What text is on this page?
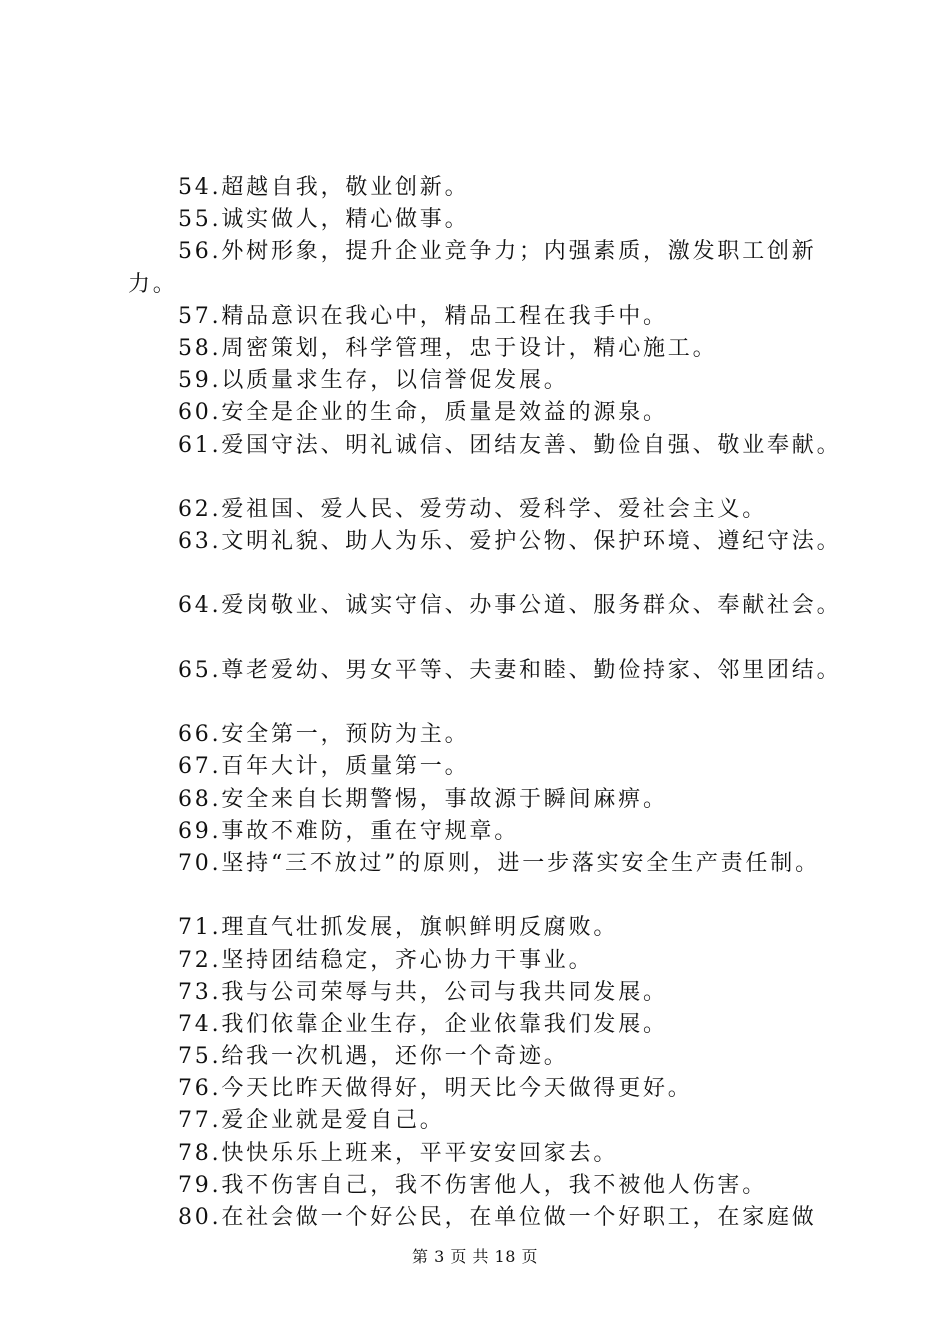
54.超越自我，敬业创新。
55.诚实做人，精心做事。
56.外树形象，提升企业竞争力；内强素质，激发职工创新
力。
57.精品意识在我心中，精品工程在我手中。
58.周密策划，科学管理，忠于设计，精心施工。
59.以质量求生存，以信誉促发展。
60.安全是企业的生命，质量是效益的源泉。
61.爱国守法、明礼诚信、团结友善、勤俭自强、敬业奉献。
62.爱祖国、爱人民、爱劳动、爱科学、爱社会主义。
63.文明礼貌、助人为乐、爱护公物、保护环境、遵纪守法。
64.爱岗敬业、诚实守信、办事公道、服务群众、奉献社会。
65.尊老爱幼、男女平等、夫妻和睦、勤俭持家、邻里团结。
66.安全第一，预防为主。
67.百年大计，质量第一。
68.安全来自长期警惕，事故源于瞬间麻痹。
69.事故不难防，重在守规章。
70.坚持“三不放过”的原则，进一步落实安全生产责任制。
71.理直气壮抓发展，旗帜鲜明反腐败。
72.坚持团结稳定，齐心协力干事业。
73.我与公司荣辱与共，公司与我共同发展。
74.我们依靠企业生存，企业依靠我们发展。
75.给我一次机遇，还你一个奇迹。
76.今天比昨天做得好，明天比今天做得更好。
77.爱企业就是爱自己。
78.快快乐乐上班来，平平安安回家去。
79.我不伤害自己，我不伤害他人，我不被他人伤害。
80.在社会做一个好公民，在单位做一个好职工，在家庭做
第 3 页 共 18 页
